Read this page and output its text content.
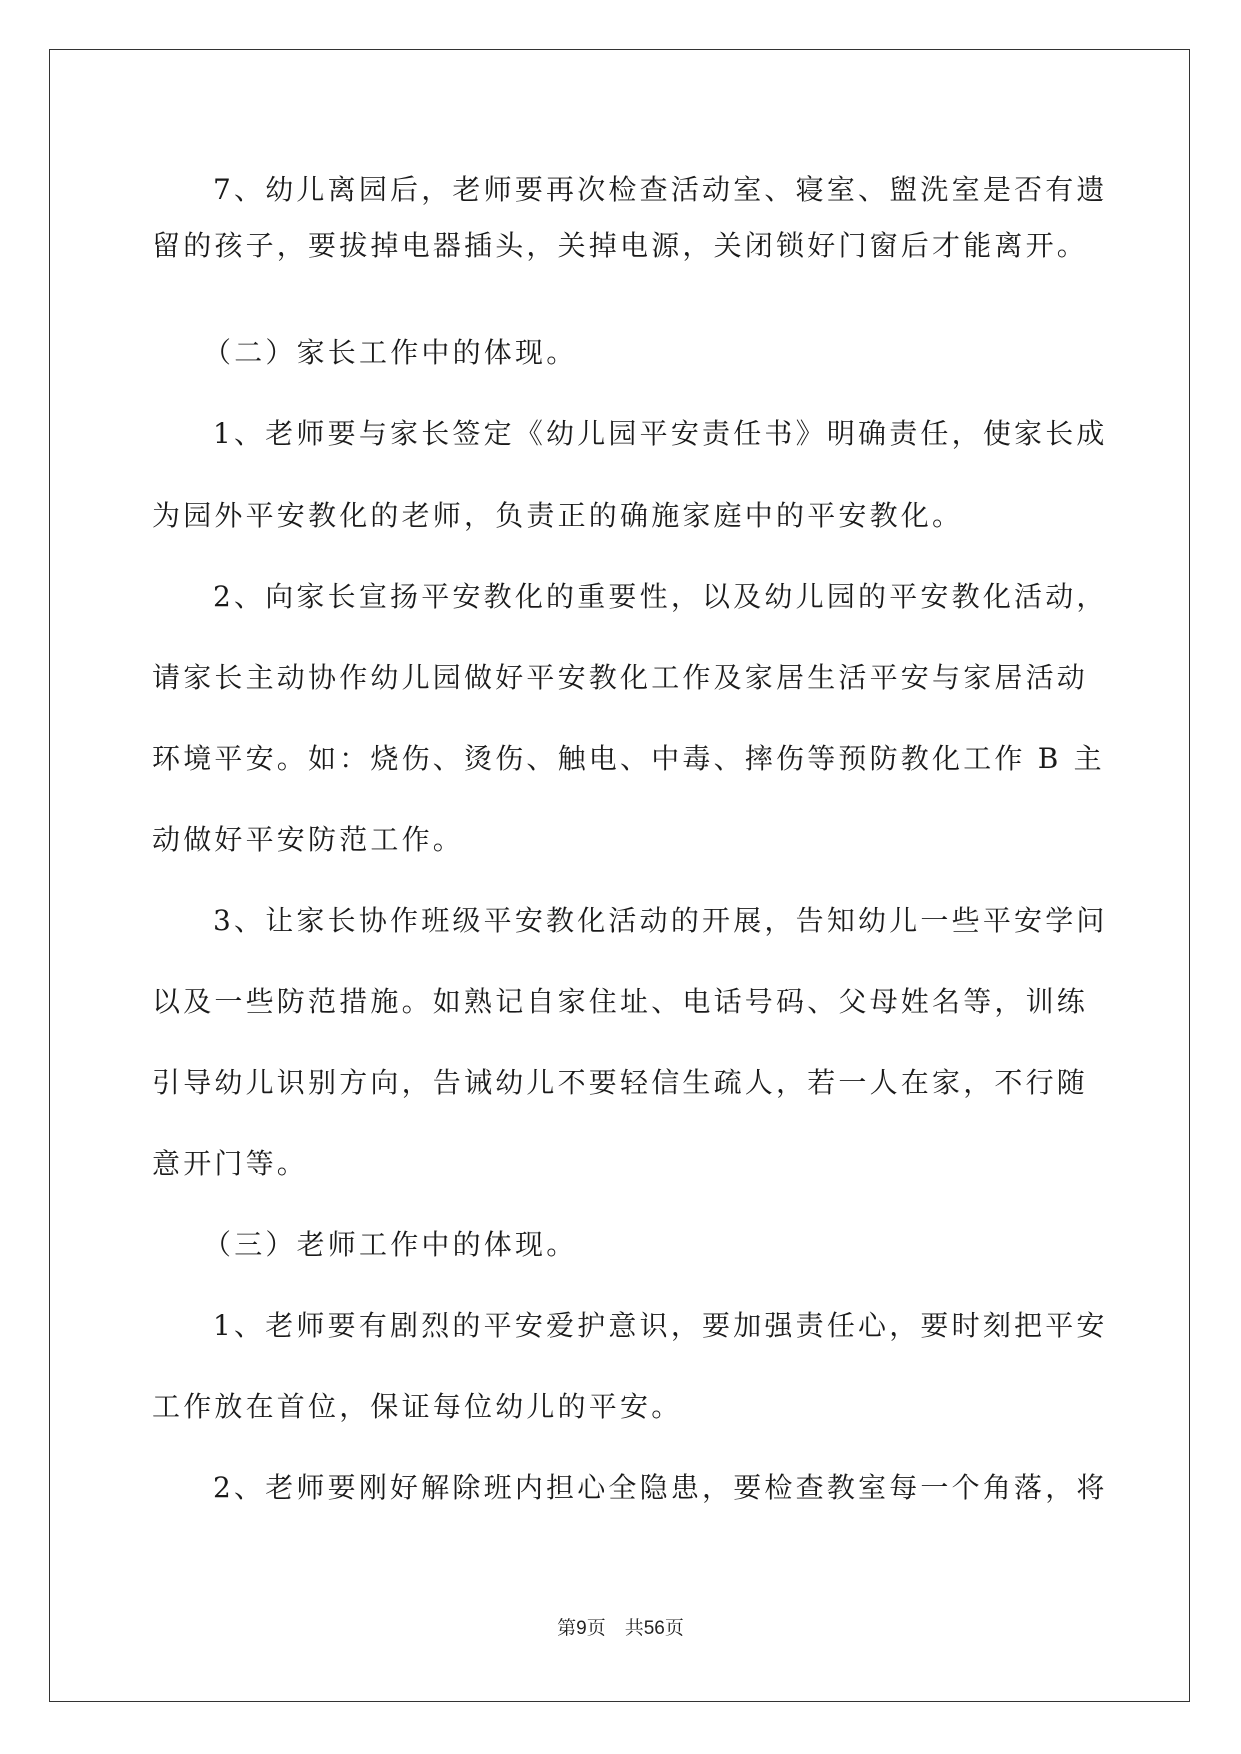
7、幼儿离园后，老师要再次检查活动室、寝室、盥洗室是否有遗
留的孩子，要拔掉电器插头，关掉电源，关闭锁好门窗后才能离开。
（二）家长工作中的体现。
1、老师要与家长签定《幼儿园平安责任书》明确责任，使家长成
为园外平安教化的老师，负责正的确施家庭中的平安教化。
2、向家长宣扬平安教化的重要性，以及幼儿园的平安教化活动，
请家长主动协作幼儿园做好平安教化工作及家居生活平安与家居活动
环境平安。如：烧伤、烫伤、触电、中毒、摔伤等预防教化工作 B 主
动做好平安防范工作。
3、让家长协作班级平安教化活动的开展，告知幼儿一些平安学问
以及一些防范措施。如熟记自家住址、电话号码、父母姓名等，训练
引导幼儿识别方向，告诫幼儿不要轻信生疏人，若一人在家，不行随
意开门等。
（三）老师工作中的体现。
1、老师要有剧烈的平安爱护意识，要加强责任心，要时刻把平安
工作放在首位，保证每位幼儿的平安。
2、老师要刚好解除班内担心全隐患，要检查教室每一个角落，将
第9页　共56页
